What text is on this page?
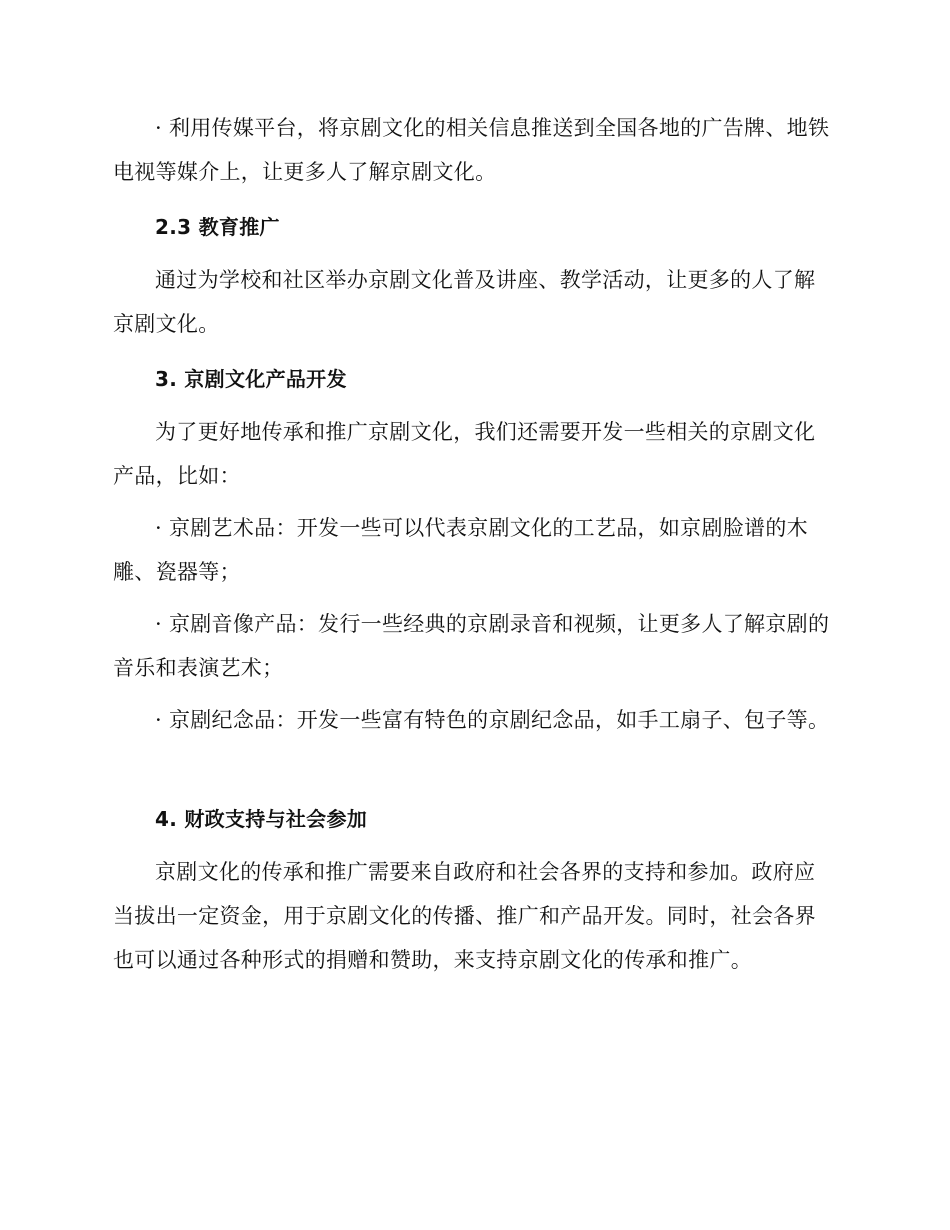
· 利用传媒平台，将京剧文化的相关信息推送到全国各地的广告牌、地铁电视等媒介上，让更多人了解京剧文化。
2.3 教育推广
通过为学校和社区举办京剧文化普及讲座、教学活动，让更多的人了解京剧文化。
3. 京剧文化产品开发
为了更好地传承和推广京剧文化，我们还需要开发一些相关的京剧文化产品，比如：
· 京剧艺术品：开发一些可以代表京剧文化的工艺品，如京剧脸谱的木雕、瓷器等；
· 京剧音像产品：发行一些经典的京剧录音和视频，让更多人了解京剧的音乐和表演艺术；
· 京剧纪念品：开发一些富有特色的京剧纪念品，如手工扇子、包子等。
4. 财政支持与社会参加
京剧文化的传承和推广需要来自政府和社会各界的支持和参加。政府应当拔出一定资金，用于京剧文化的传播、推广和产品开发。同时，社会各界也可以通过各种形式的捐赠和赞助，来支持京剧文化的传承和推广。
